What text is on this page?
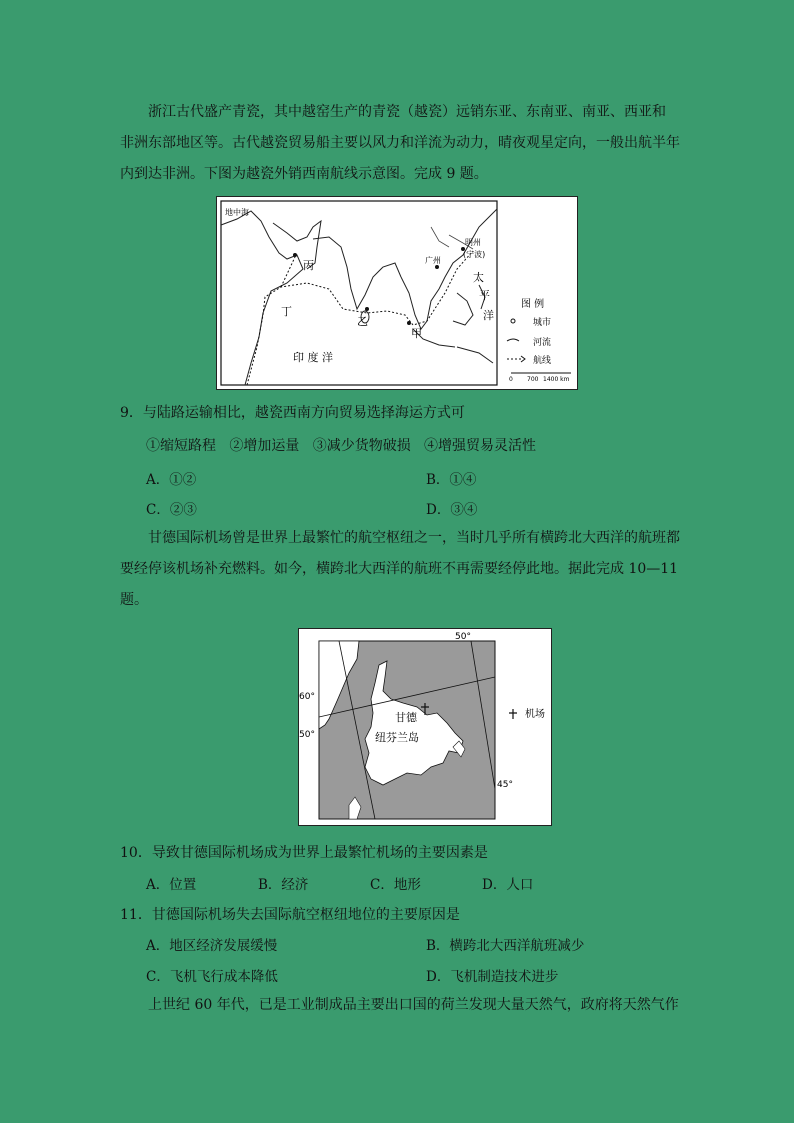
浙江古代盛产青瓷，其中越窑生产的青瓷（越瓷）远销东亚、东南亚、南亚、西亚和
非洲东部地区等。古代越瓷贸易船主要以风力和洋流为动力，晴夜观星定向，一般出航半年
内到达非洲。下图为越瓷外销西南航线示意图。完成 9 题。
地中海
丙
丁
乙
甲
广州
明州
(宁波)
太
平
洋
印 度 洋
图 例
城市
河流
航线
0 700 1400 km
9．与陆路运输相比，越瓷西南方向贸易选择海运方式可
①缩短路程   ②增加运量   ③减少货物破损   ④增强贸易灵活性
A．①②	B．①④
C．②③	D．③④
甘德国际机场曾是世界上最繁忙的航空枢纽之一，当时几乎所有横跨北大西洋的航班都
要经停该机场补充燃料。如今，横跨北大西洋的航班不再需要经停此地。据此完成 10—11
题。
甘德
纽芬兰岛
50°
60°
50°
45°
机场
10．导致甘德国际机场成为世界上最繁忙机场的主要因素是
A．位置	B．经济	C．地形	D．人口
11．甘德国际机场失去国际航空枢纽地位的主要原因是
A．地区经济发展缓慢	B．横跨北大西洋航班减少
C．飞机飞行成本降低	D．飞机制造技术进步
上世纪 60 年代，已是工业制成品主要出口国的荷兰发现大量天然气，政府将天然气作
